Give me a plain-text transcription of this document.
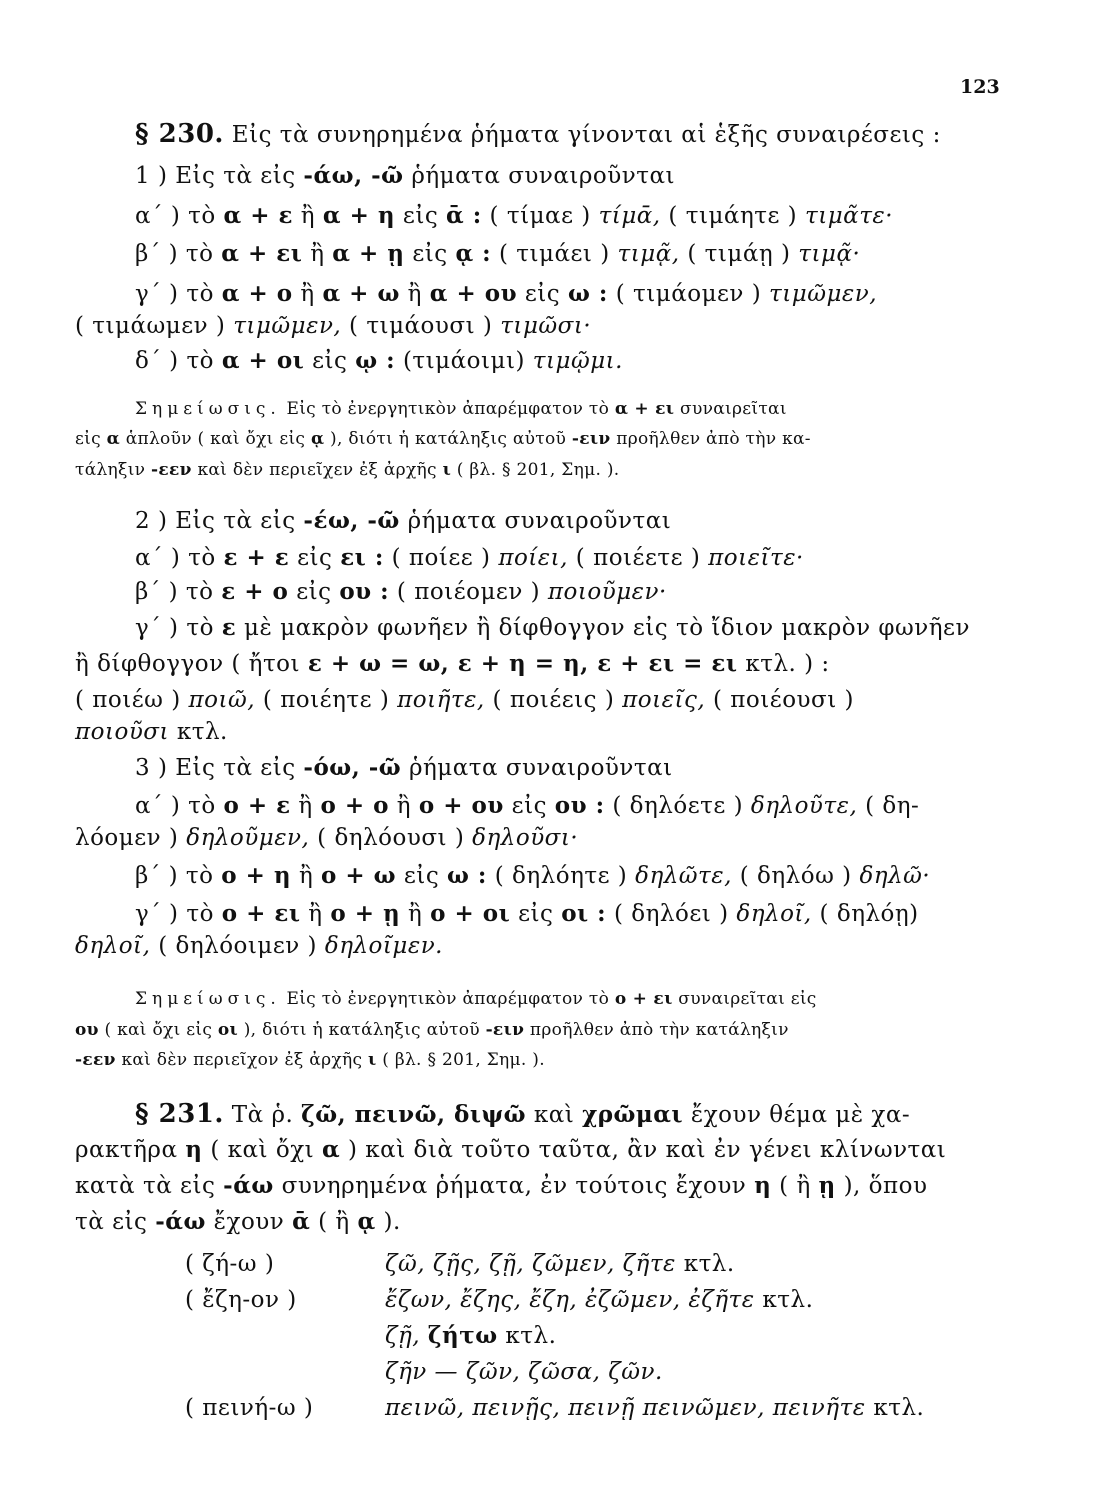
123
§ 230. Εἰς τὰ συνηρημένα ῥήματα γίνονται αἱ ἑξῆς συναιρέσεις :
1 ) Εἰς τὰ εἰς -άω, -ῶ ῥήματα συναιροῦνται
α΄ ) τὸ α + ε ἢ α + η εἰς ᾱ : ( τίμαε ) τίμᾱ, ( τιμάητε ) τιμᾶτε·
β΄ ) τὸ α + ει ἢ α + ῃ εἰς ᾳ : ( τιμάει ) τιμᾷ, ( τιμάῃ ) τιμᾷ·
γ΄ ) τὸ α + ο ἢ α + ω ἢ α + ου εἰς ω : ( τιμάομεν ) τιμῶμεν,
( τιμάωμεν ) τιμῶμεν, ( τιμάουσι ) τιμῶσι·
δ΄ ) τὸ α + οι εἰς ῳ : (τιμάοιμι) τιμῷμι.
Σημείωσις. Εἰς τὸ ἐνεργητικὸν ἀπαρέμφατον τὸ α + ει συναιρεῖται
εἰς α ἁπλοῦν ( καὶ ὄχι εἰς ᾳ ), διότι ἡ κατάληξις αὐτοῦ -ειν προῆλθεν ἀπὸ τὴν κα-
τάληξιν -εεν καὶ δὲν περιεῖχεν ἐξ ἀρχῆς ι ( βλ. § 201, Σημ. ).
2 ) Εἰς τὰ εἰς -έω, -ῶ ῥήματα συναιροῦνται
α΄ ) τὸ ε + ε εἰς ει : ( ποίεε ) ποίει, ( ποιέετε ) ποιεῖτε·
β΄ ) τὸ ε + ο εἰς ου : ( ποιέομεν ) ποιοῦμεν·
γ΄ ) τὸ ε μὲ μακρὸν φωνῆεν ἢ δίφθογγον εἰς τὸ ἴδιον μακρὸν φωνῆεν
ἢ δίφθογγον ( ἤτοι ε + ω = ω, ε + η = η, ε + ει = ει κτλ. ) :
( ποιέω ) ποιῶ, ( ποιέητε ) ποιῆτε, ( ποιέεις ) ποιεῖς, ( ποιέουσι )
ποιοῦσι κτλ.
3 ) Εἰς τὰ εἰς -όω, -ῶ ῥήματα συναιροῦνται
α΄ ) τὸ ο + ε ἢ ο + ο ἢ ο + ου εἰς ου : ( δηλόετε ) δηλοῦτε, ( δη-
λόομεν ) δηλοῦμεν, ( δηλόουσι ) δηλοῦσι·
β΄ ) τὸ ο + η ἢ ο + ω εἰς ω : ( δηλόητε ) δηλῶτε, ( δηλόω ) δηλῶ·
γ΄ ) τὸ ο + ει ἢ ο + ῃ ἢ ο + οι εἰς οι : ( δηλόει ) δηλοῖ, ( δηλόῃ)
δηλοῖ, ( δηλόοιμεν ) δηλοῖμεν.
Σημείωσις. Εἰς τὸ ἐνεργητικὸν ἀπαρέμφατον τὸ ο + ει συναιρεῖται εἰς
ου ( καὶ ὄχι εἰς οι ), διότι ἡ κατάληξις αὐτοῦ -ειν προῆλθεν ἀπὸ τὴν κατάληξιν
-εεν καὶ δὲν περιεῖχον ἐξ ἀρχῆς ι ( βλ. § 201, Σημ. ).
§ 231. Τὰ ῥ. ζῶ, πεινῶ, διψῶ καὶ χρῶμαι ἔχουν θέμα μὲ χα-
ρακτῆρα η ( καὶ ὄχι α ) καὶ διὰ τοῦτο ταῦτα, ἂν καὶ ἐν γένει κλίνωνται
κατὰ τὰ εἰς -άω συνηρημένα ῥήματα, ἐν τούτοις ἔχουν η ( ἢ ῃ ), ὅπου
τὰ εἰς -άω ἔχουν ᾱ ( ἢ ᾳ ).
( ζή-ω )	ζῶ, ζῇς, ζῇ, ζῶμεν, ζῆτε κτλ.
( ἔζη-ον )	ἔζων, ἔζης, ἔζη, ἐζῶμεν, ἐζῆτε κτλ.
ζῇ, ζήτω κτλ.
ζῆν — ζῶν, ζῶσα, ζῶν.
( πεινή-ω )	πεινῶ, πεινῇς, πεινῇ πεινῶμεν, πεινῆτε κτλ.
